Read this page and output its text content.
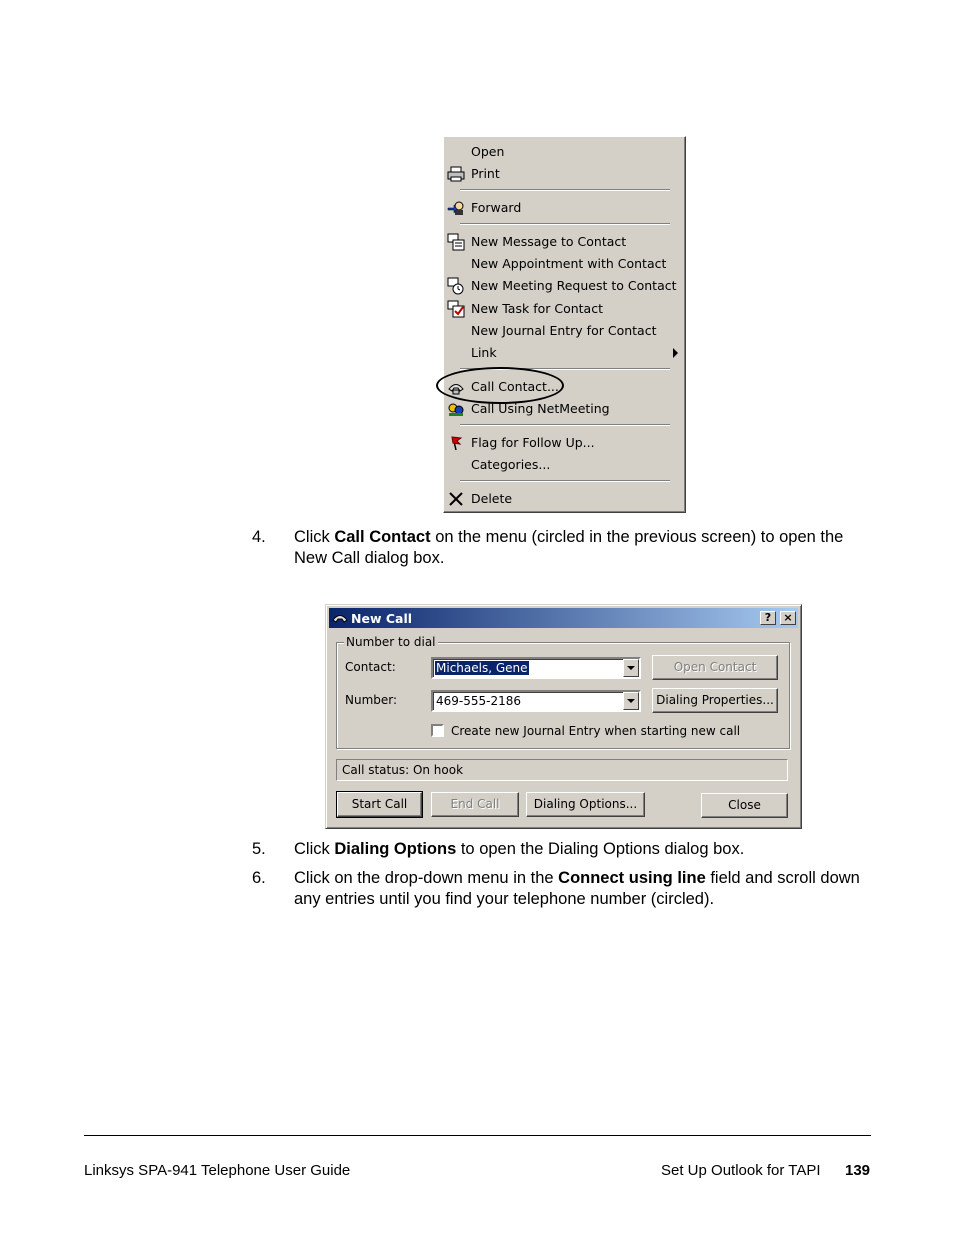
Open
Print
Forward
New Message to Contact
New Appointment with Contact
New Meeting Request to Contact
New Task for Contact
New Journal Entry for Contact
Link
Call Contact...
Call Using NetMeeting
Flag for Follow Up...
Categories...
Delete
4. Click Call Contact on the menu (circled in the previous screen) to open the New Call dialog box.
New Call	?	×
Number to dial
Contact:	Michaels, Gene	Open Contact
Number:	469-555-2186	Dialing Properties...
Create new Journal Entry when starting new call
Call status: On hook
Start Call	End Call	Dialing Options...	Close
5. Click Dialing Options to open the Dialing Options dialog box.
6. Click on the drop-down menu in the Connect using line field and scroll down any entries until you find your telephone number (circled).
Linksys SPA-941 Telephone User Guide	Set Up Outlook for TAPI 139
